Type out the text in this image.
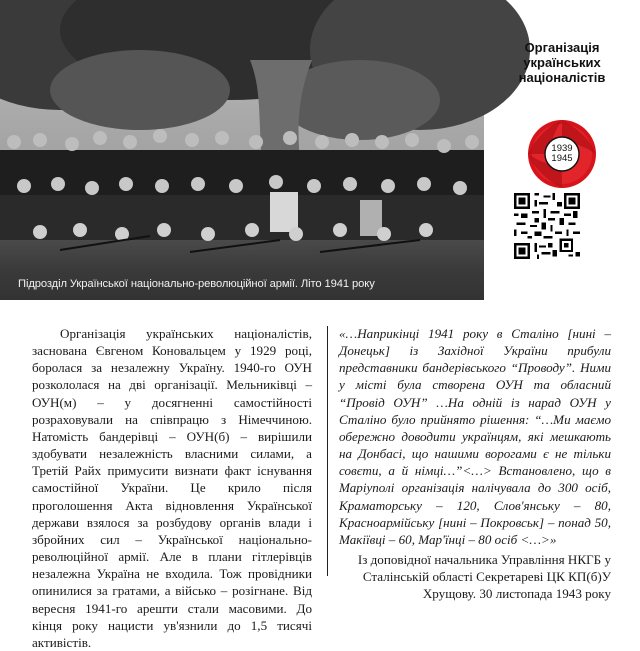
Підрозділ Української національно-революційної армії. Літо 1941 року
Організація
українських
націоналістів
1939
1945
Організація українських націоналістів, заснована Євгеном Коновальцем у 1929 році, боролася за незалежну Україну. 1940-го ОУН розкололася на дві організації. Мельниківці – ОУН(м) – у досягненні самостійності розраховували на співпрацю з Німеччиною. Натомість бандерівці – ОУН(б) – вирішили здобувати незалежність власними силами, а Третій Райх примусити визнати факт існування самостійної України. Це крило після проголошення Акта відновлення Української держави взялося за розбудову органів влади і збройних сил – Української національно-революційної армії. Але в плани гітлерівців незалежна Україна не входила. Тож провідники опинилися за гратами, а військо – розігнане. Від вересня 1941-го арешти стали масовими. До кінця року нацисти ув'язнили до 1,5 тисячі активістів.
«…Наприкінці 1941 року в Сталіно [нині – Донецьк] із Західної України прибули представники бандерівського “Проводу”. Ними у місті була створена ОУН та обласний “Провід ОУН” …На одній із нарад ОУН у Сталіно було прийнято рішення: “…Ми маємо обережно доводити українцям, які мешкають на Донбасі, що нашими ворогами є не тільки совєти, а й німці…”<…> Встановлено, що в Маріуполі організація налічувала до 300 осіб, Краматорську – 120, Слов'янську – 80, Красноармійську [нині – Покровськ] – понад 50, Макіївці – 60, Мар'їнці – 80 осіб <…>»
Із доповідної начальника Управління НКГБ у Сталінській області Секретареві ЦК КП(б)У Хрущову. 30 листопада 1943 року
